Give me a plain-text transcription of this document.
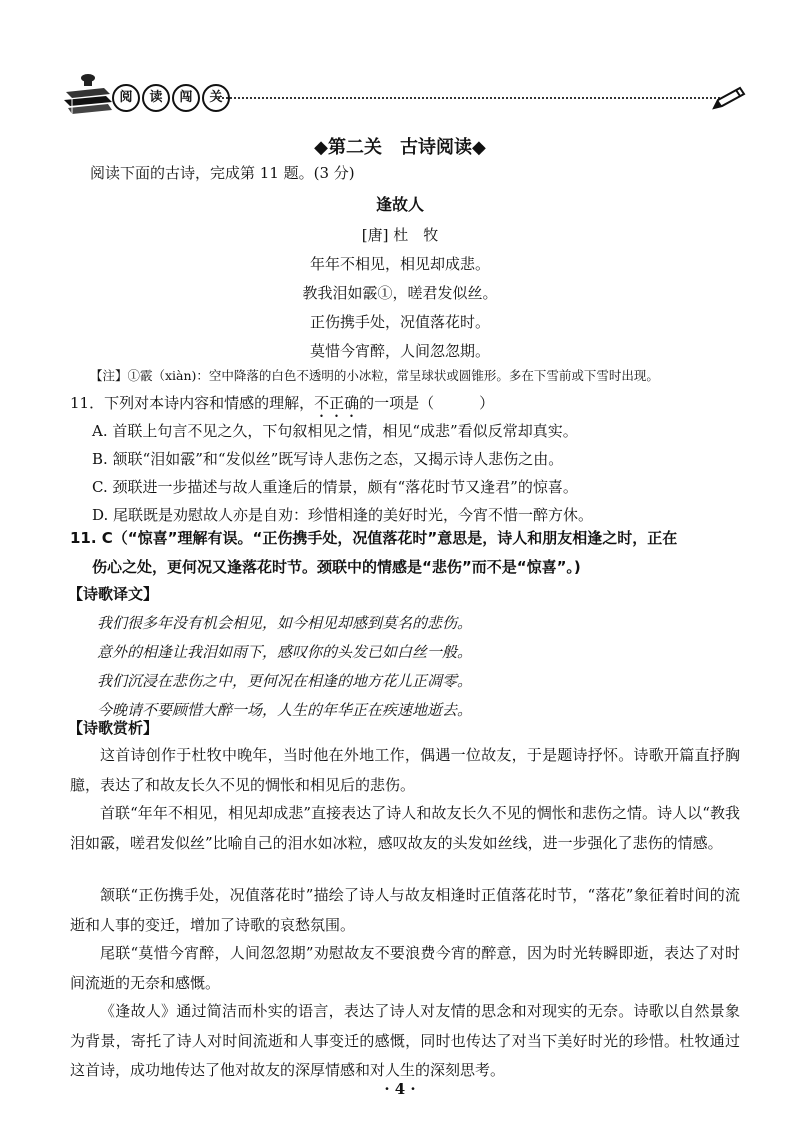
阅	读	闯	关
◆第二关　古诗阅读◆
阅读下面的古诗，完成第 11 题。(3 分)
逢故人
[唐] 杜　牧
年年不相见，相见却成悲。
教我泪如霰①，嗟君发似丝。
正伤携手处，况值落花时。
莫惜今宵醉，人间忽忽期。
【注】①霰（xiàn)：空中降落的白色不透明的小冰粒，常呈球状或圆锥形。多在下雪前或下雪时出现。
11．下列对本诗内容和情感的理解，不正确的一项是（　　　）
A. 首联上句言不见之久，下句叙相见之情，相见“成悲”看似反常却真实。
B. 颔联“泪如霰”和“发似丝”既写诗人悲伤之态，又揭示诗人悲伤之由。
C. 颈联进一步描述与故人重逢后的情景，颇有“落花时节又逢君”的惊喜。
D. 尾联既是劝慰故人亦是自劝：珍惜相逢的美好时光，今宵不惜一醉方休。
11. C（“惊喜”理解有误。“正伤携手处，况值落花时”意思是，诗人和朋友相逢之时，正在
伤心之处，更何况又逢落花时节。颈联中的情感是“悲伤”而不是“惊喜”。)
【诗歌译文】
我们很多年没有机会相见，如今相见却感到莫名的悲伤。
意外的相逢让我泪如雨下，感叹你的头发已如白丝一般。
我们沉浸在悲伤之中，更何况在相逢的地方花儿正凋零。
今晚请不要顾惜大醉一场，人生的年华正在疾速地逝去。
【诗歌赏析】
这首诗创作于杜牧中晚年，当时他在外地工作，偶遇一位故友，于是题诗抒怀。诗歌开篇直抒胸臆，表达了和故友长久不见的惆怅和相见后的悲伤。
首联“年年不相见，相见却成悲”直接表达了诗人和故友长久不见的惆怅和悲伤之情。诗人以“教我泪如霰，嗟君发似丝”比喻自己的泪水如冰粒，感叹故友的头发如丝线，进一步强化了悲伤的情感。
颔联“正伤携手处，况值落花时”描绘了诗人与故友相逢时正值落花时节，“落花”象征着时间的流逝和人事的变迁，增加了诗歌的哀愁氛围。
尾联“莫惜今宵醉，人间忽忽期”劝慰故友不要浪费今宵的醉意，因为时光转瞬即逝，表达了对时间流逝的无奈和感慨。
《逢故人》通过简洁而朴实的语言，表达了诗人对友情的思念和对现实的无奈。诗歌以自然景象为背景，寄托了诗人对时间流逝和人事变迁的感慨，同时也传达了对当下美好时光的珍惜。杜牧通过这首诗，成功地传达了他对故友的深厚情感和对人生的深刻思考。
· 4 ·
